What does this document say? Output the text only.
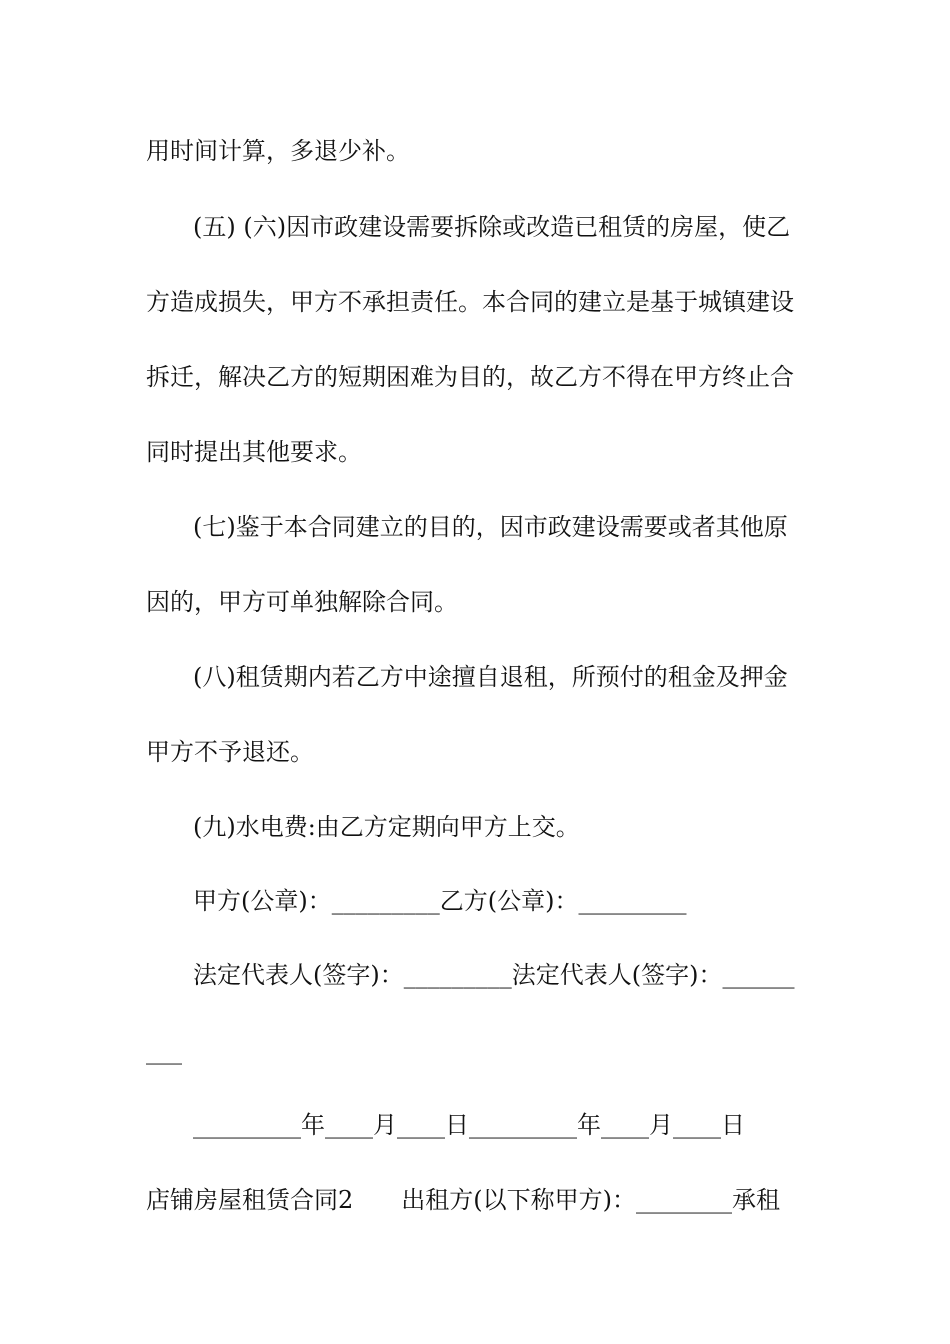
用时间计算，多退少补。
(五) (六)因市政建设需要拆除或改造已租赁的房屋，使乙
方造成损失，甲方不承担责任。本合同的建立是基于城镇建设
拆迁，解决乙方的短期困难为目的，故乙方不得在甲方终止合
同时提出其他要求。
(七)鉴于本合同建立的目的，因市政建设需要或者其他原
因的，甲方可单独解除合同。
(八)租赁期内若乙方中途擅自退租，所预付的租金及押金
甲方不予退还。
(九)水电费:由乙方定期向甲方上交。
甲方(公章)：_________乙方(公章)：_________
法定代表人(签字)：_________法定代表人(签字)：______
___
_________年____月____日_________年____月____日
店铺房屋租赁合同2　　出租方(以下称甲方)：________承租
